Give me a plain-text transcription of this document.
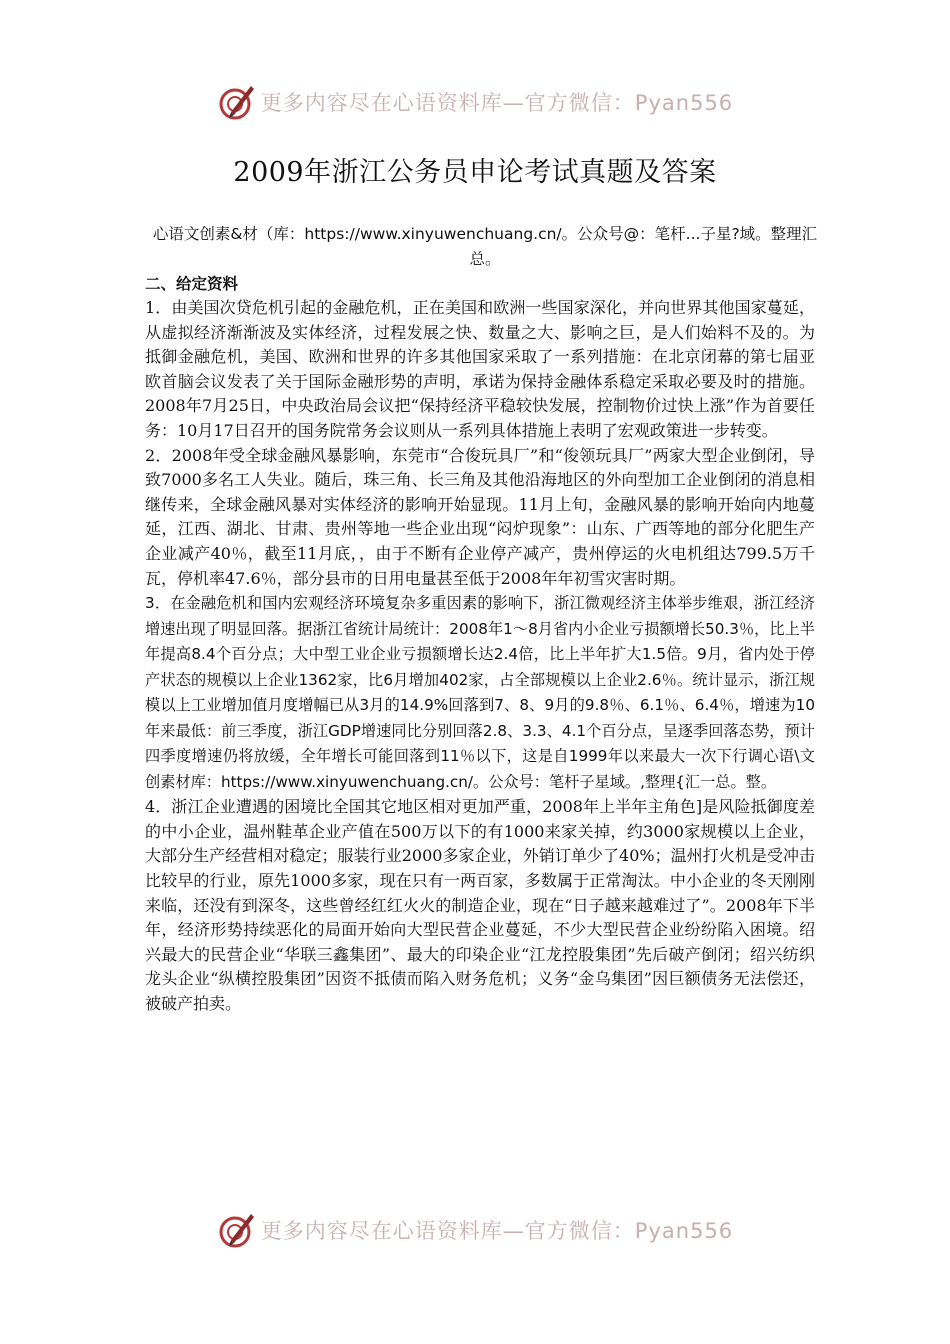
更多内容尽在心语资料库—官方微信：Pyan556
2009年浙江公务员申论考试真题及答案
心语文创素&材（库：https://www.xinyuwenchuang.cn/。公众号@：笔杆...子星?域。整理汇总。

二、给定资料

1．由美国次贷危机引起的金融危机，正在美国和欧洲一些国家深化，并向世界其他国家蔓延，从虚拟经济渐渐波及实体经济，过程发展之快、数量之大、影响之巨，是人们始料不及的。为抵御金融危机，美国、欧洲和世界的许多其他国家采取了一系列措施：在北京闭幕的第七届亚欧首脑会议发表了关于国际金融形势的声明，承诺为保持金融体系稳定采取必要及时的措施。2008年7月25日，中央政治局会议把“保持经济平稳较快发展，控制物价过快上涨”作为首要任务：10月17日召开的国务院常务会议则从一系列具体措施上表明了宏观政策进一步转变。

2．2008年受全球金融风暴影响，东莞市“合俊玩具厂”和“俊领玩具厂”两家大型企业倒闭，导致7000多名工人失业。随后，珠三角、长三角及其他沿海地区的外向型加工企业倒闭的消息相继传来，全球金融风暴对实体经济的影响开始显现。11月上旬，金融风暴的影响开始向内地蔓延，江西、湖北、甘肃、贵州等地一些企业出现“闷炉现象”：山东、广西等地的部分化肥生产企业减产40％，截至11月底，，由于不断有企业停产减产，贵州停运的火电机组达799.5万千瓦，停机率47.6％，部分县市的日用电量甚至低于2008年年初雪灾害时期。

3．在金融危机和国内宏观经济环境复杂多重因素的影响下，浙江微观经济主体举步维艰，浙江经济增速出现了明显回落。据浙江省统计局统计：2008年1～8月省内小企业亏损额增长50.3％，比上半年提高8.4个百分点；大中型工业企业亏损额增长达2.4倍，比上半年扩大1.5倍。9月，省内处于停产状态的规模以上企业1362家，比6月增加402家，占全部规模以上企业2.6％。统计显示，浙江规模以上工业增加值月度增幅已从3月的14.9%回落到7、8、9月的9.8％、6.1％、6.4％，增速为10年来最低：前三季度，浙江GDP增速同比分别回落2.8、3.3、4.1个百分点，呈逐季回落态势，预计四季度增速仍将放缓，全年增长可能回落到11％以下，这是自1999年以来最大一次下行调心语\文创素材库：https://www.xinyuwenchuang.cn/。公众号：笔杆子星域。,整理{汇一总。整。

4．浙江企业遭遇的困境比全国其它地区相对更加严重，2008年上半年主角色]是风险抵御度差的中小企业，温州鞋革企业产值在500万以下的有1000来家关掉，约3000家规模以上企业，大部分生产经营相对稳定；服装行业2000多家企业，外销订单少了40%；温州打火机是受冲击比较早的行业，原先1000多家，现在只有一两百家，多数属于正常淘汰。中小企业的冬天刚刚来临，还没有到深冬，这些曾经红红火火的制造企业，现在“日子越来越难过了”。2008年下半年，经济形势持续恶化的局面开始向大型民营企业蔓延，不少大型民营企业纷纷陷入困境。绍兴最大的民营企业“华联三鑫集团”、最大的印染企业“江龙控股集团”先后破产倒闭；绍兴纺织龙头企业“纵横控股集团”因资不抵债而陷入财务危机；义务“金乌集团”因巨额债务无法偿还，被破产拍卖。

更多内容尽在心语资料库—官方微信：Pyan556
